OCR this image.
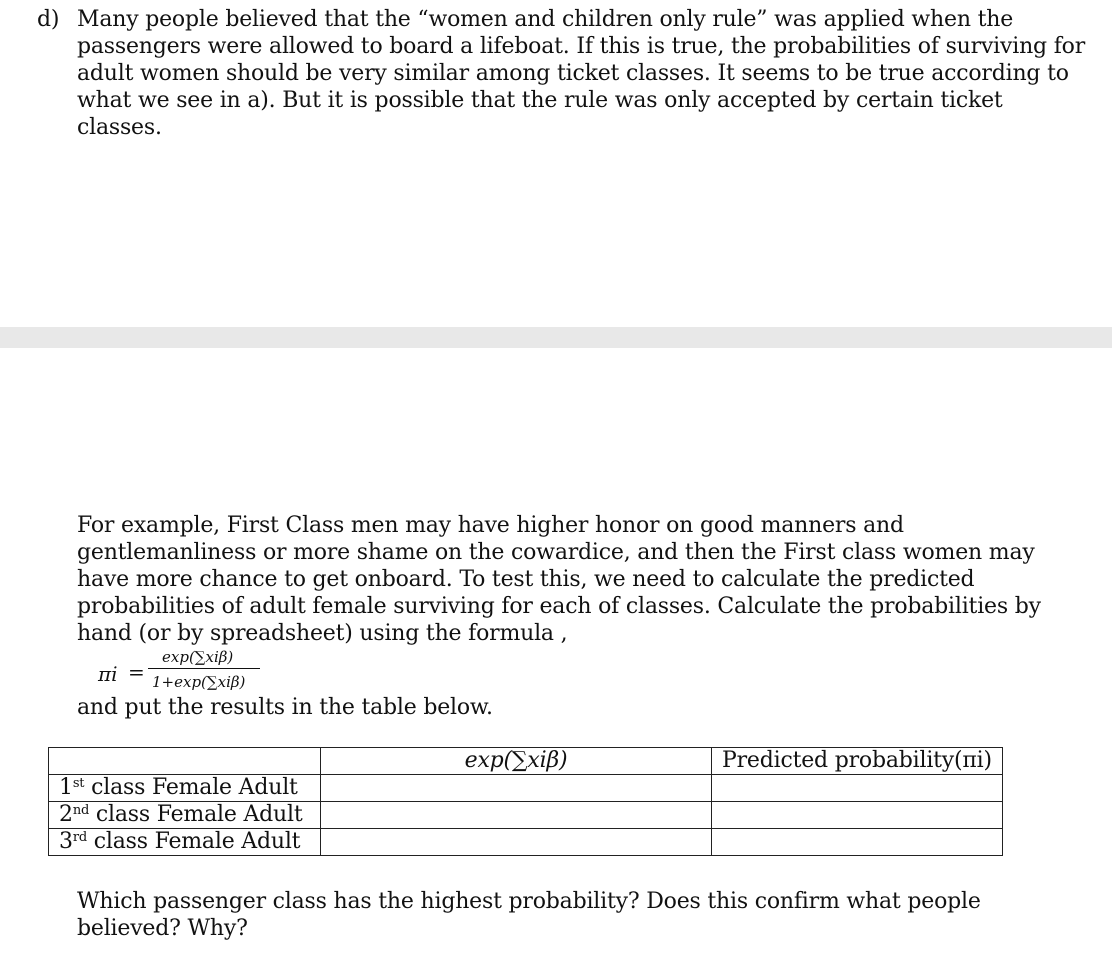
d) Many people believed that the “women and children only rule” was applied when the passengers were allowed to board a lifeboat. If this is true, the probabilities of surviving for adult women should be very similar among ticket classes. It seems to be true according to what we see in a). But it is possible that the rule was only accepted by certain ticket classes.
For example, First Class men may have higher honor on good manners and gentlemanliness or more shame on the cowardice, and then the First class women may have more chance to get onboard. To test this, we need to calculate the predicted probabilities of adult female surviving for each of classes. Calculate the probabilities by hand (or by spreadsheet) using the formula ,
πi =
exp(∑xiβ)
1+exp(∑xiβ)
and put the results in the table below.
	exp(∑xiβ)	Predicted probability(πi)
1st class Female Adult		
2nd class Female Adult		
3rd class Female Adult		
Which passenger class has the highest probability? Does this confirm what people believed? Why?
